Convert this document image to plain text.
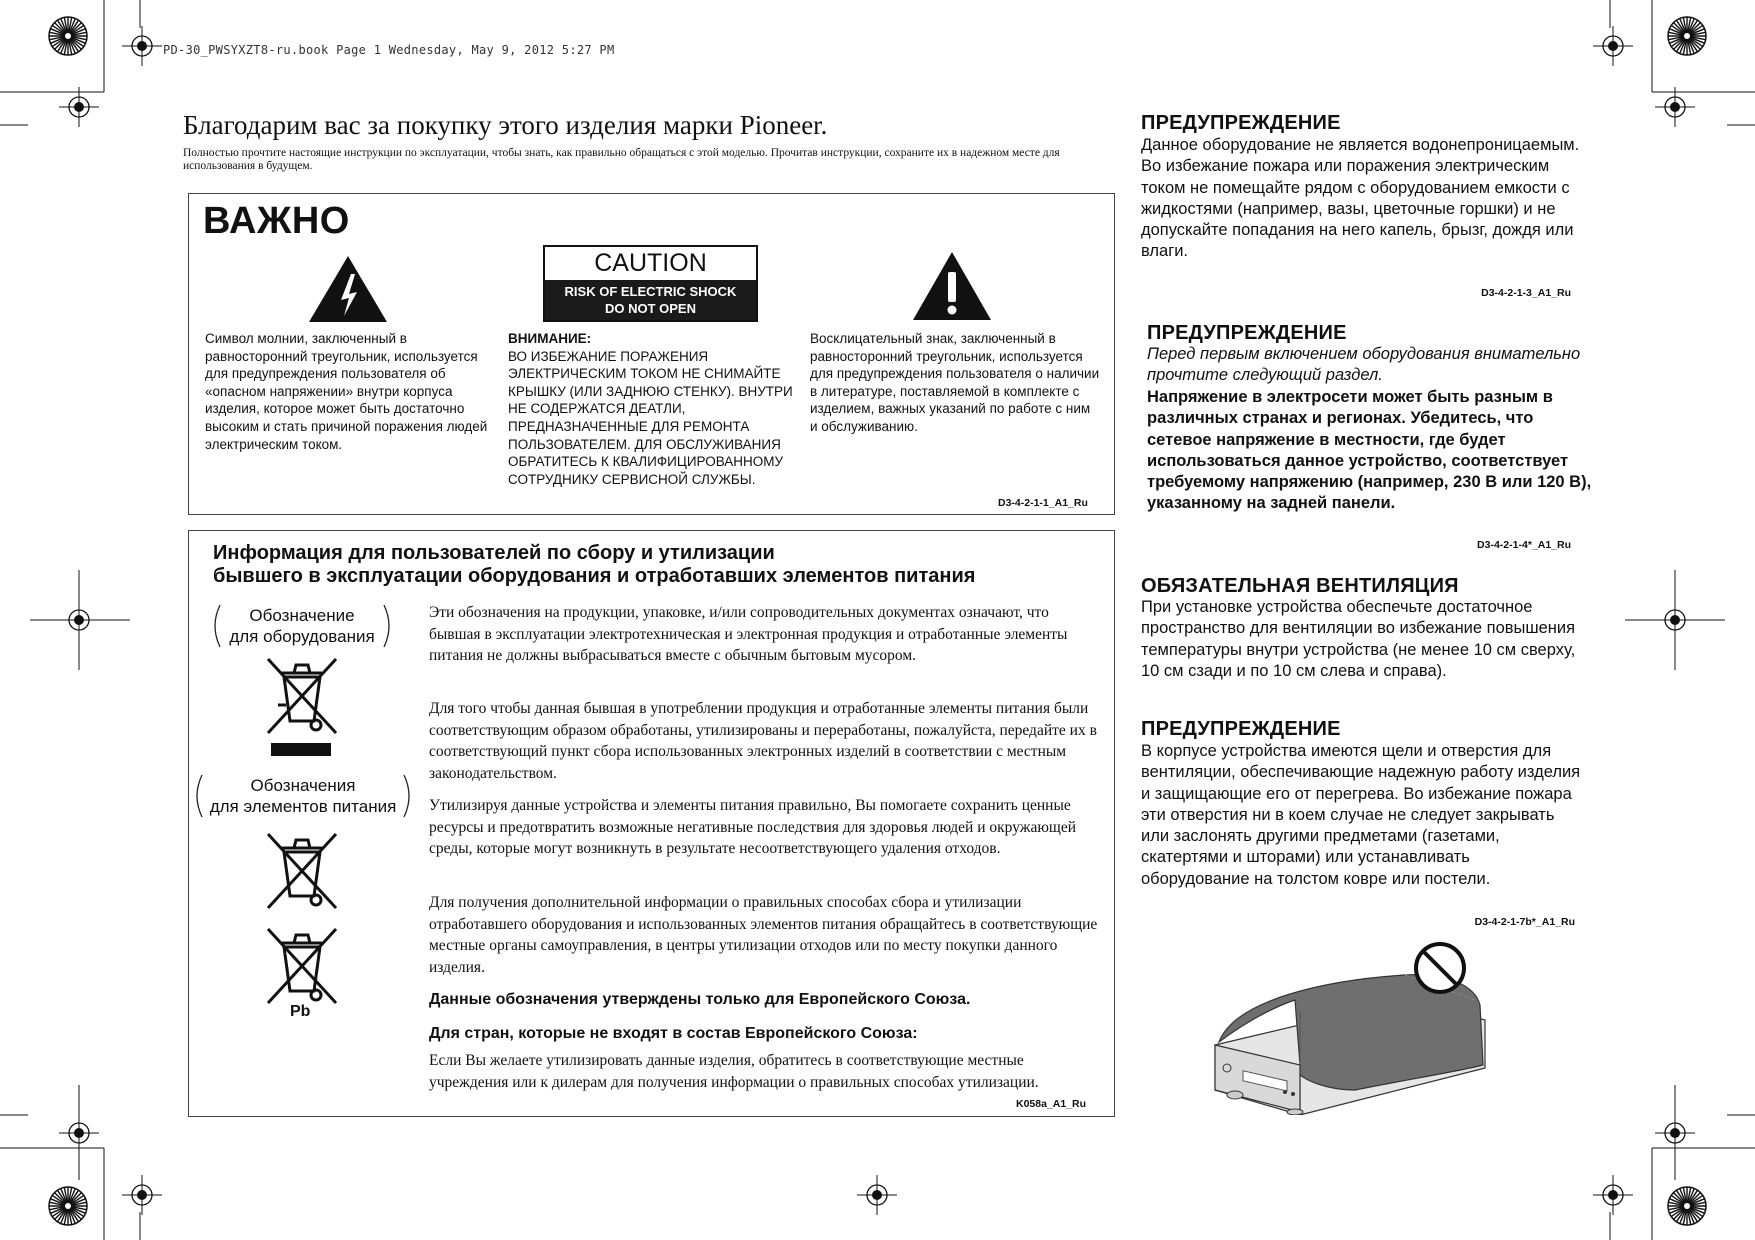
PD-30_PWSYXZT8-ru.book Page 1 Wednesday, May 9, 2012 5:27 PM
Благодарим вас за покупку этого изделия марки Pioneer.
Полностью прочтите настоящие инструкции по эксплуатации, чтобы знать, как правильно обращаться с этой моделью. Прочитав инструкции, сохраните их в надежном месте для использования в будущем.
ВАЖНО
CAUTION
RISK OF ELECTRIC SHOCK
DO NOT OPEN
Символ молнии, заключенный в равносторонний треугольник, используется для предупреждения пользователя об «опасном напряжении» внутри корпуса изделия, которое может быть достаточно высоким и стать причиной поражения людей электрическим током.
ВНИМАНИЕ:
ВО ИЗБЕЖАНИЕ ПОРАЖЕНИЯ ЭЛЕКТРИЧЕСКИМ ТОКОМ НЕ СНИМАЙТЕ КРЫШКУ (ИЛИ ЗАДНЮЮ СТЕНКУ). ВНУТРИ НЕ СОДЕРЖАТСЯ ДЕАТЛИ, ПРЕДНАЗНАЧЕННЫЕ ДЛЯ РЕМОНТА ПОЛЬЗОВАТЕЛЕМ. ДЛЯ ОБСЛУЖИВАНИЯ ОБРАТИТЕСЬ К КВАЛИФИЦИРОВАННОМУ СОТРУДНИКУ СЕРВИСНОЙ СЛУЖБЫ.
Восклицательный знак, заключенный в равносторонний треугольник, используется для предупреждения пользователя о наличии в литературе, поставляемой в комплекте с изделием, важных указаний по работе с ним и обслуживанию.
D3-4-2-1-1_A1_Ru
Информация для пользователей по сбору и утилизации
бывшего в эксплуатации оборудования и отработавших элементов питания
Обозначение
для оборудования
Обозначения
для элементов питания
Pb
Эти обозначения на продукции, упаковке, и/или сопроводительных документах означают, что бывшая в эксплуатации электротехническая и электронная продукция и отработанные элементы питания не должны выбрасываться вместе с обычным бытовым мусором.
Для того чтобы данная бывшая в употреблении продукция и отработанные элементы питания были соответствующим образом обработаны, утилизированы и переработаны, пожалуйста, передайте их в соответствующий пункт сбора использованных электронных изделий в соответствии с местным законодательством.
Утилизируя данные устройства и элементы питания правильно, Вы помогаете сохранить ценные ресурсы и предотвратить возможные негативные последствия для здоровья людей и окружающей среды, которые могут возникнуть в результате несоответствующего удаления отходов.
Для получения дополнительной информации о правильных способах сбора и утилизации отработавшего оборудования и использованных элементов питания обращайтесь в соответствующие местные органы самоуправления, в центры утилизации отходов или по месту покупки данного изделия.
Данные обозначения утверждены только для Европейского Союза.
Для стран, которые не входят в состав Европейского Союза:
Если Вы желаете утилизировать данные изделия, обратитесь в соответствующие местные учреждения или к дилерам для получения информации о правильных способах утилизации.
K058a_A1_Ru
ПРЕДУПРЕЖДЕНИЕ
Данное оборудование не является водонепроницаемым. Во избежание пожара или поражения электрическим током не помещайте рядом с оборудованием емкости с жидкостями (например, вазы, цветочные горшки) и не допускайте попадания на него капель, брызг, дождя или влаги.
D3-4-2-1-3_A1_Ru
ПРЕДУПРЕЖДЕНИЕ
Перед первым включением оборудования внимательно прочтите следующий раздел.
Напряжение в электросети может быть разным в различных странах и регионах. Убедитесь, что сетевое напряжение в местности, где будет использоваться данное устройство, соответствует требуемому напряжению (например, 230 В или 120 В), указанному на задней панели.
D3-4-2-1-4*_A1_Ru
ОБЯЗАТЕЛЬНАЯ ВЕНТИЛЯЦИЯ
При установке устройства обеспечьте достаточное пространство для вентиляции во избежание повышения температуры внутри устройства (не менее 10 см сверху, 10 см сзади и по 10 см слева и справа).
ПРЕДУПРЕЖДЕНИЕ
В корпусе устройства имеются щели и отверстия для вентиляции, обеспечивающие надежную работу изделия и защищающие его от перегрева. Во избежание пожара эти отверстия ни в коем случае не следует закрывать или заслонять другими предметами (газетами, скатертями и шторами) или устанавливать оборудование на толстом ковре или постели.
D3-4-2-1-7b*_A1_Ru
